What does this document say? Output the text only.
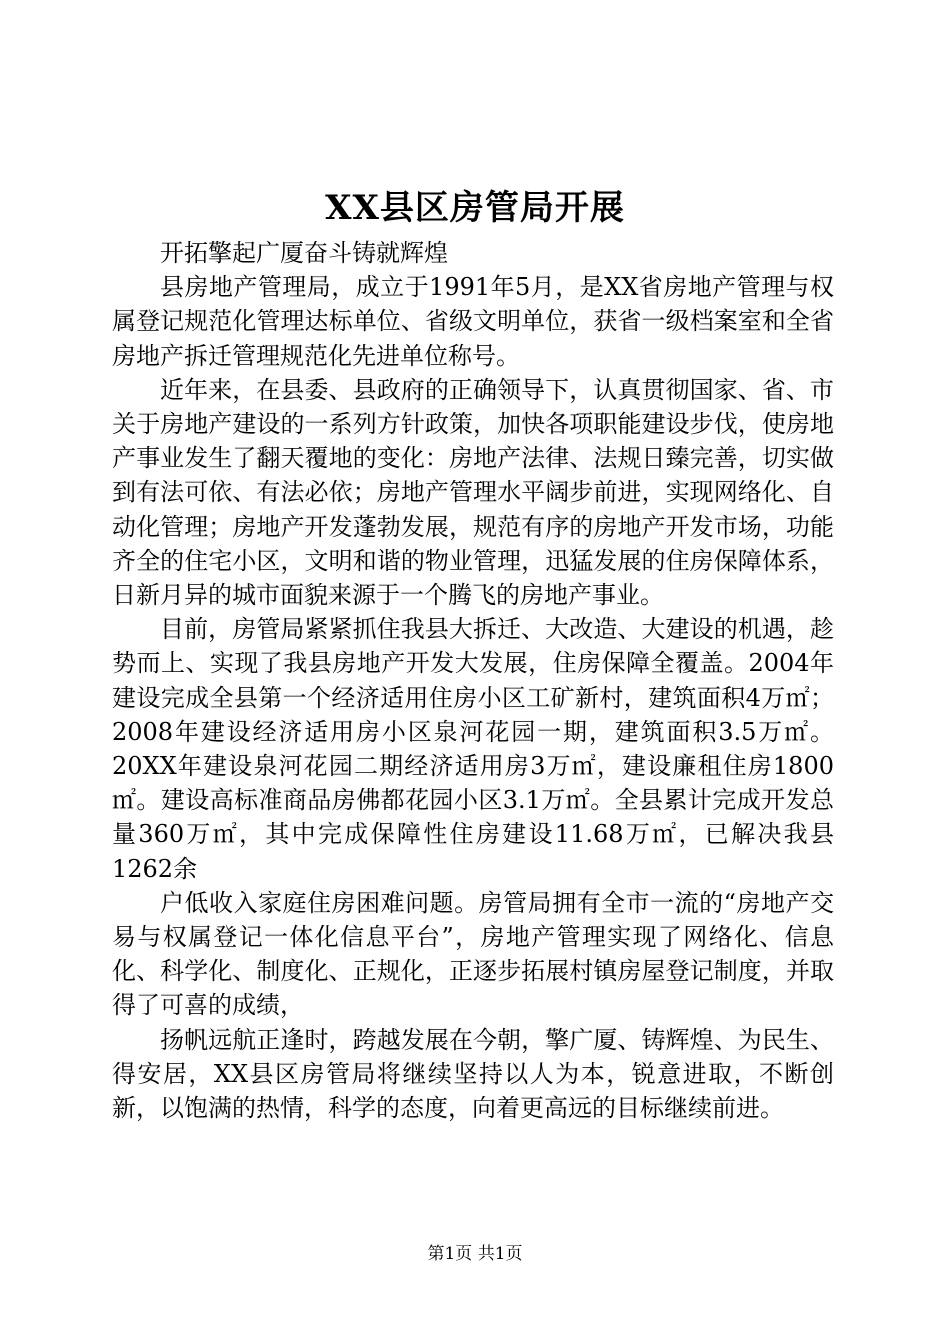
XX县区房管局开展
开拓擎起广厦奋斗铸就辉煌

县房地产管理局，成立于1991年5月，是XX省房地产管理与权属登记规范化管理达标单位、省级文明单位，获省一级档案室和全省房地产拆迁管理规范化先进单位称号。

近年来，在县委、县政府的正确领导下，认真贯彻国家、省、市关于房地产建设的一系列方针政策，加快各项职能建设步伐，使房地产事业发生了翻天覆地的变化：房地产法律、法规日臻完善，切实做到有法可依、有法必依；房地产管理水平阔步前进，实现网络化、自动化管理；房地产开发蓬勃发展，规范有序的房地产开发市场，功能齐全的住宅小区，文明和谐的物业管理，迅猛发展的住房保障体系，日新月异的城市面貌来源于一个腾飞的房地产事业。

目前，房管局紧紧抓住我县大拆迁、大改造、大建设的机遇，趁势而上、实现了我县房地产开发大发展，住房保障全覆盖。2004年建设完成全县第一个经济适用住房小区工矿新村，建筑面积4万㎡；2008年建设经济适用房小区泉河花园一期，建筑面积3.5万㎡。20XX年建设泉河花园二期经济适用房3万㎡，建设廉租住房1800㎡。建设高标准商品房佛都花园小区3.1万㎡。全县累计完成开发总量360万㎡，其中完成保障性住房建设11.68万㎡，已解决我县1262余

户低收入家庭住房困难问题。房管局拥有全市一流的“房地产交易与权属登记一体化信息平台”，房地产管理实现了网络化、信息化、科学化、制度化、正规化，正逐步拓展村镇房屋登记制度，并取得了可喜的成绩，

扬帆远航正逢时，跨越发展在今朝，擎广厦、铸辉煌、为民生、得安居，XX县区房管局将继续坚持以人为本，锐意进取，不断创新，以饱满的热情，科学的态度，向着更高远的目标继续前进。

第1页 共1页
